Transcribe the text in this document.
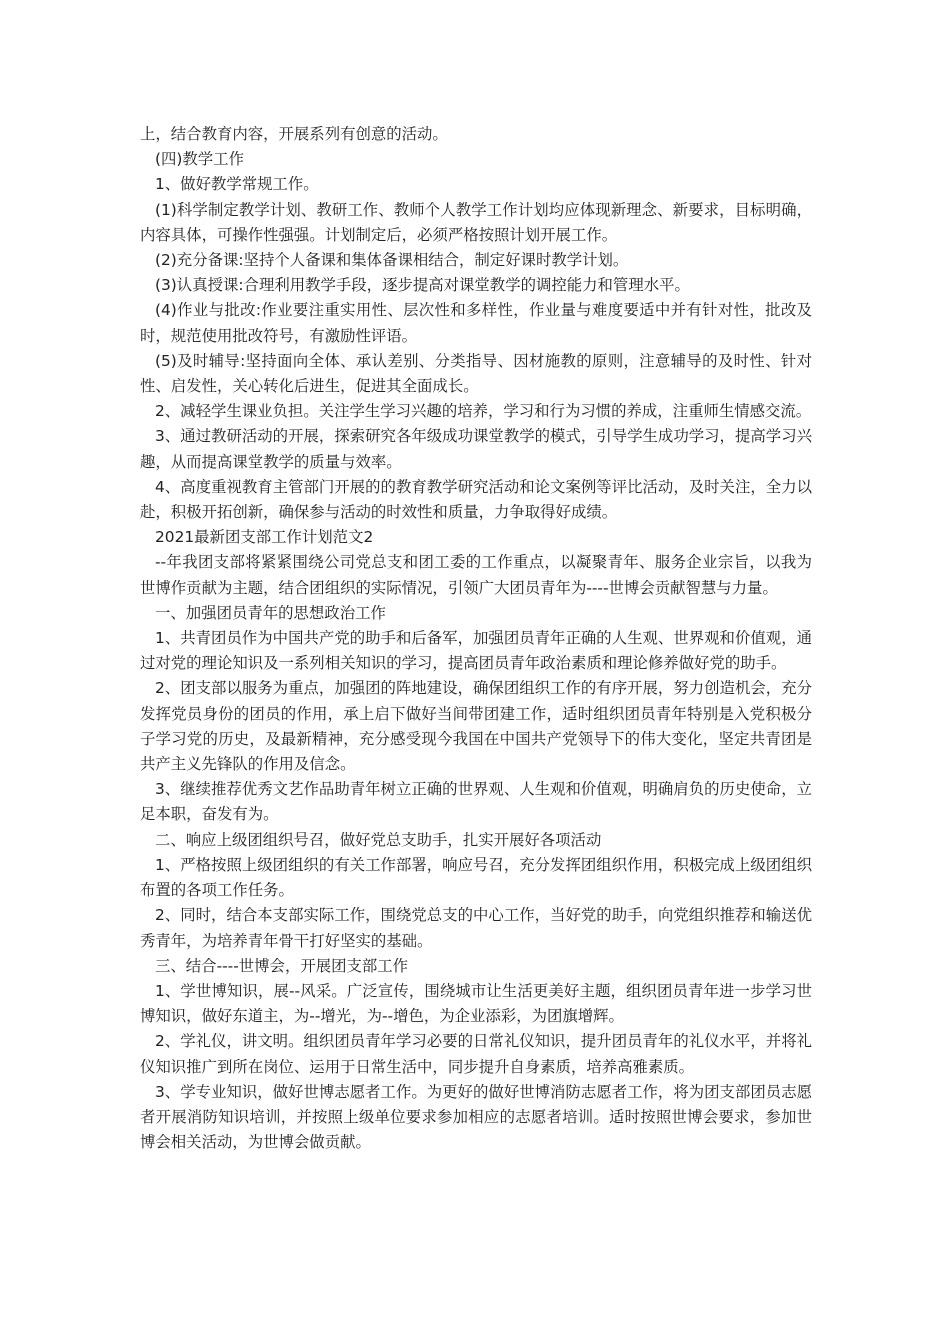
上，结合教育内容，开展系列有创意的活动。

(四)教学工作

1、做好教学常规工作。

(1)科学制定教学计划、教研工作、教师个人教学工作计划均应体现新理念、新要求，目标明确，内容具体，可操作性强强。计划制定后，必须严格按照计划开展工作。

(2)充分备课:坚持个人备课和集体备课相结合，制定好课时教学计划。

(3)认真授课:合理利用教学手段，逐步提高对课堂教学的调控能力和管理水平。

(4)作业与批改:作业要注重实用性、层次性和多样性，作业量与难度要适中并有针对性，批改及时，规范使用批改符号，有激励性评语。

(5)及时辅导:坚持面向全体、承认差别、分类指导、因材施教的原则，注意辅导的及时性、针对性、启发性，关心转化后进生，促进其全面成长。

2、减轻学生课业负担。关注学生学习兴趣的培养，学习和行为习惯的养成，注重师生情感交流。

3、通过教研活动的开展，探索研究各年级成功课堂教学的模式，引导学生成功学习，提高学习兴趣，从而提高课堂教学的质量与效率。

4、高度重视教育主管部门开展的的教育教学研究活动和论文案例等评比活动，及时关注，全力以赴，积极开拓创新，确保参与活动的时效性和质量，力争取得好成绩。

2021最新团支部工作计划范文2

--年我团支部将紧紧围绕公司党总支和团工委的工作重点，以凝聚青年、服务企业宗旨，以我为世博作贡献为主题，结合团组织的实际情况，引领广大团员青年为----世博会贡献智慧与力量。

一、加强团员青年的思想政治工作

1、共青团员作为中国共产党的助手和后备军，加强团员青年正确的人生观、世界观和价值观，通过对党的理论知识及一系列相关知识的学习，提高团员青年政治素质和理论修养做好党的助手。

2、团支部以服务为重点，加强团的阵地建设，确保团组织工作的有序开展，努力创造机会，充分发挥党员身份的团员的作用，承上启下做好当间带团建工作，适时组织团员青年特别是入党积极分子学习党的历史，及最新精神，充分感受现今我国在中国共产党领导下的伟大变化，坚定共青团是共产主义先锋队的作用及信念。

3、继续推荐优秀文艺作品助青年树立正确的世界观、人生观和价值观，明确肩负的历史使命，立足本职，奋发有为。

二、响应上级团组织号召，做好党总支助手，扎实开展好各项活动

1、严格按照上级团组织的有关工作部署，响应号召，充分发挥团组织作用，积极完成上级团组织布置的各项工作任务。

2、同时，结合本支部实际工作，围绕党总支的中心工作，当好党的助手，向党组织推荐和输送优秀青年，为培养青年骨干打好坚实的基础。

三、结合----世博会，开展团支部工作

1、学世博知识，展--风采。广泛宣传，围绕城市让生活更美好主题，组织团员青年进一步学习世博知识，做好东道主，为--增光，为--增色，为企业添彩，为团旗增辉。

2、学礼仪，讲文明。组织团员青年学习必要的日常礼仪知识，提升团员青年的礼仪水平，并将礼仪知识推广到所在岗位、运用于日常生活中，同步提升自身素质，培养高雅素质。

3、学专业知识，做好世博志愿者工作。为更好的做好世博消防志愿者工作，将为团支部团员志愿者开展消防知识培训，并按照上级单位要求参加相应的志愿者培训。适时按照世博会要求，参加世博会相关活动，为世博会做贡献。
